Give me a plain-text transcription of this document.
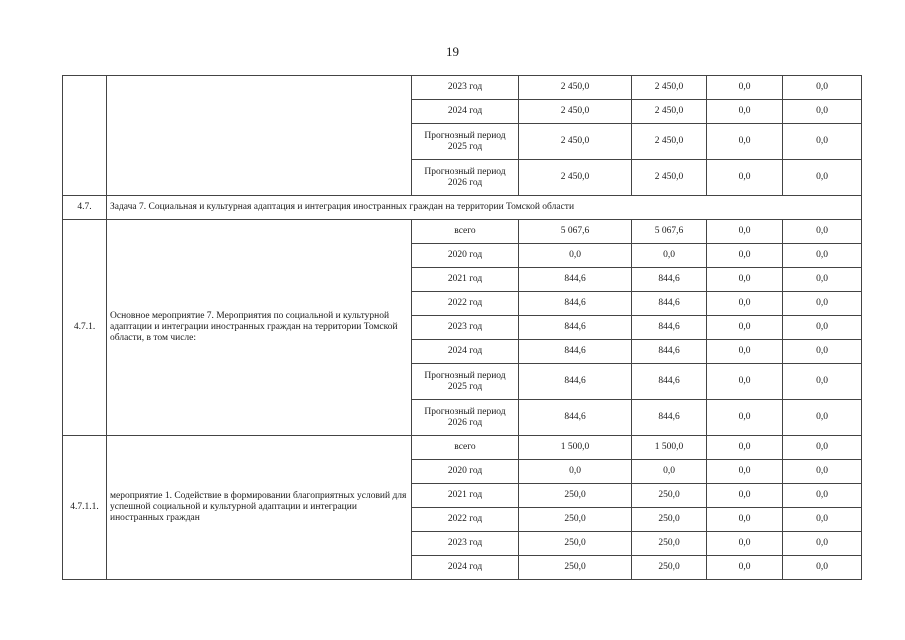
19
		2023 год	2 450,0	2 450,0	0,0	0,0
		2024 год	2 450,0	2 450,0	0,0	0,0
		Прогнозный период 2025 год	2 450,0	2 450,0	0,0	0,0
		Прогнозный период 2026 год	2 450,0	2 450,0	0,0	0,0
4.7.	Задача 7. Социальная и культурная адаптация и интеграция иностранных граждан на территории Томской области					
4.7.1.	Основное мероприятие 7. Мероприятия по социальной и культурной адаптации и интеграции иностранных граждан на территории Томской области, в том числе:	всего	5 067,6	5 067,6	0,0	0,0
		2020 год	0,0	0,0	0,0	0,0
		2021 год	844,6	844,6	0,0	0,0
		2022 год	844,6	844,6	0,0	0,0
		2023 год	844,6	844,6	0,0	0,0
		2024 год	844,6	844,6	0,0	0,0
		Прогнозный период 2025 год	844,6	844,6	0,0	0,0
		Прогнозный период 2026 год	844,6	844,6	0,0	0,0
4.7.1.1.	мероприятие 1. Содействие в формировании благоприятных условий для успешной социальной и культурной адаптации и интеграции иностранных граждан	всего	1 500,0	1 500,0	0,0	0,0
		2020 год	0,0	0,0	0,0	0,0
		2021 год	250,0	250,0	0,0	0,0
		2022 год	250,0	250,0	0,0	0,0
		2023 год	250,0	250,0	0,0	0,0
		2024 год	250,0	250,0	0,0	0,0
